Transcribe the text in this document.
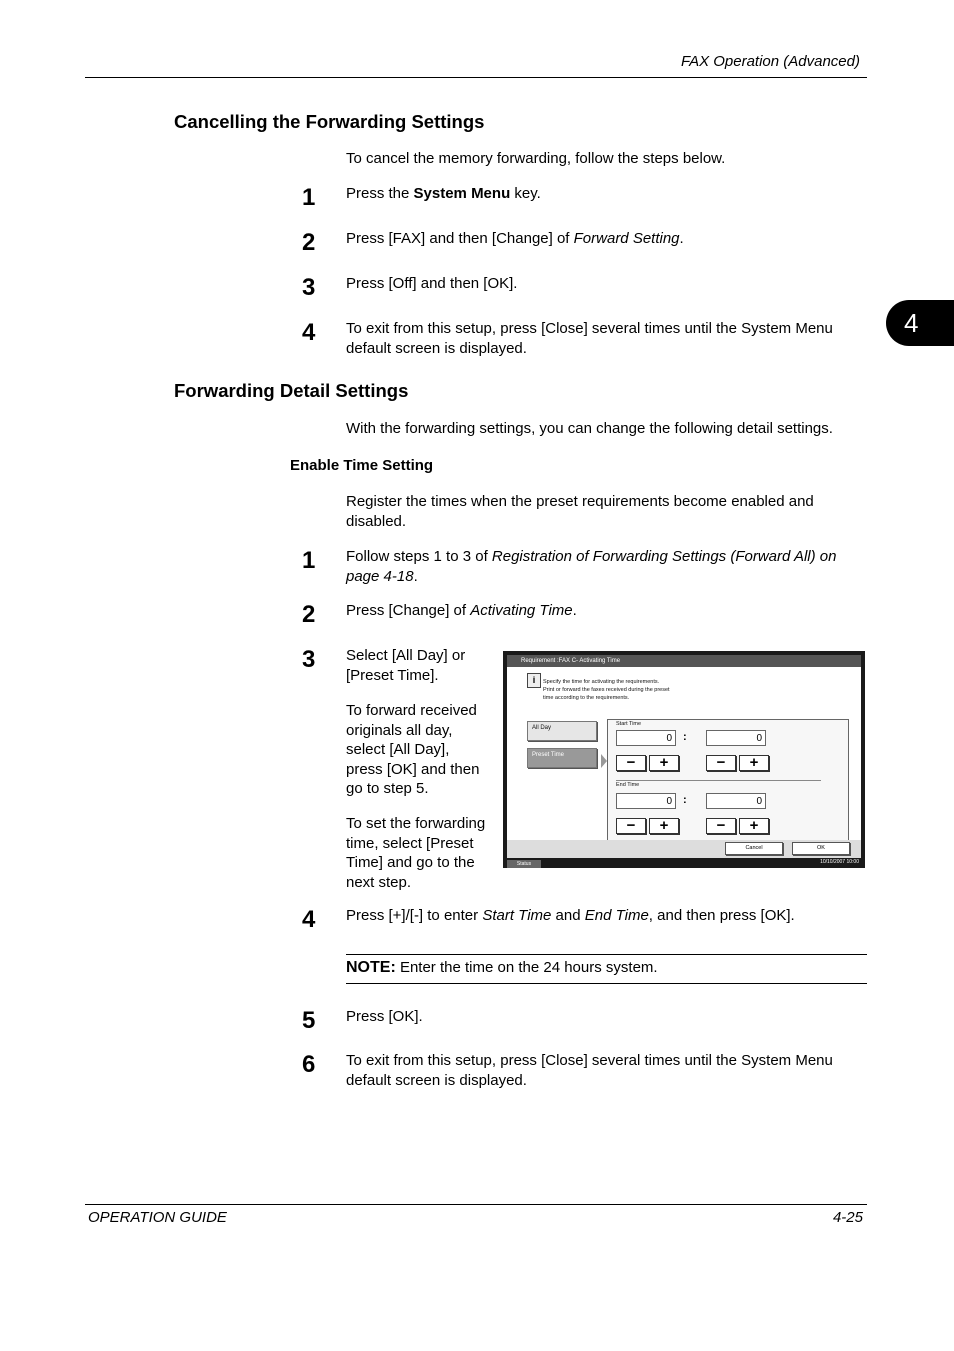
FAX Operation (Advanced)
4
Cancelling the Forwarding Settings
To cancel the memory forwarding, follow the steps below.
1 Press the System Menu key.
2 Press [FAX] and then [Change] of Forward Setting.
3 Press [Off] and then [OK].
4 To exit from this setup, press [Close] several times until the System Menu
default screen is displayed.
Forwarding Detail Settings
With the forwarding settings, you can change the following detail settings.
Enable Time Setting
Register the times when the preset requirements become enabled and
disabled.
1 Follow steps 1 to 3 of Registration of Forwarding Settings (Forward All) on
page 4-18.
2 Press [Change] of Activating Time.
3 Select [All Day] or
[Preset Time].
To forward received
originals all day,
select [All Day],
press [OK] and then
go to step 5.
To set the forwarding
time, select [Preset
Time] and go to the
next step.
Requirement :FAX C- Activating Time
i	Specify the time for activating the requirements.
Print or forward the faxes received during the preset
time according to the requirements.
All Day
Preset Time
Start Time
0	:	0
−	+	−	+
End Time
0	:	0
−	+	−	+
Cancel	OK
Status	10/10/2007 10:00
4 Press [+]/[-] to enter Start Time and End Time, and then press [OK].
NOTE: Enter the time on the 24 hours system.
5 Press [OK].
6 To exit from this setup, press [Close] several times until the System Menu
default screen is displayed.
OPERATION GUIDE	4-25
